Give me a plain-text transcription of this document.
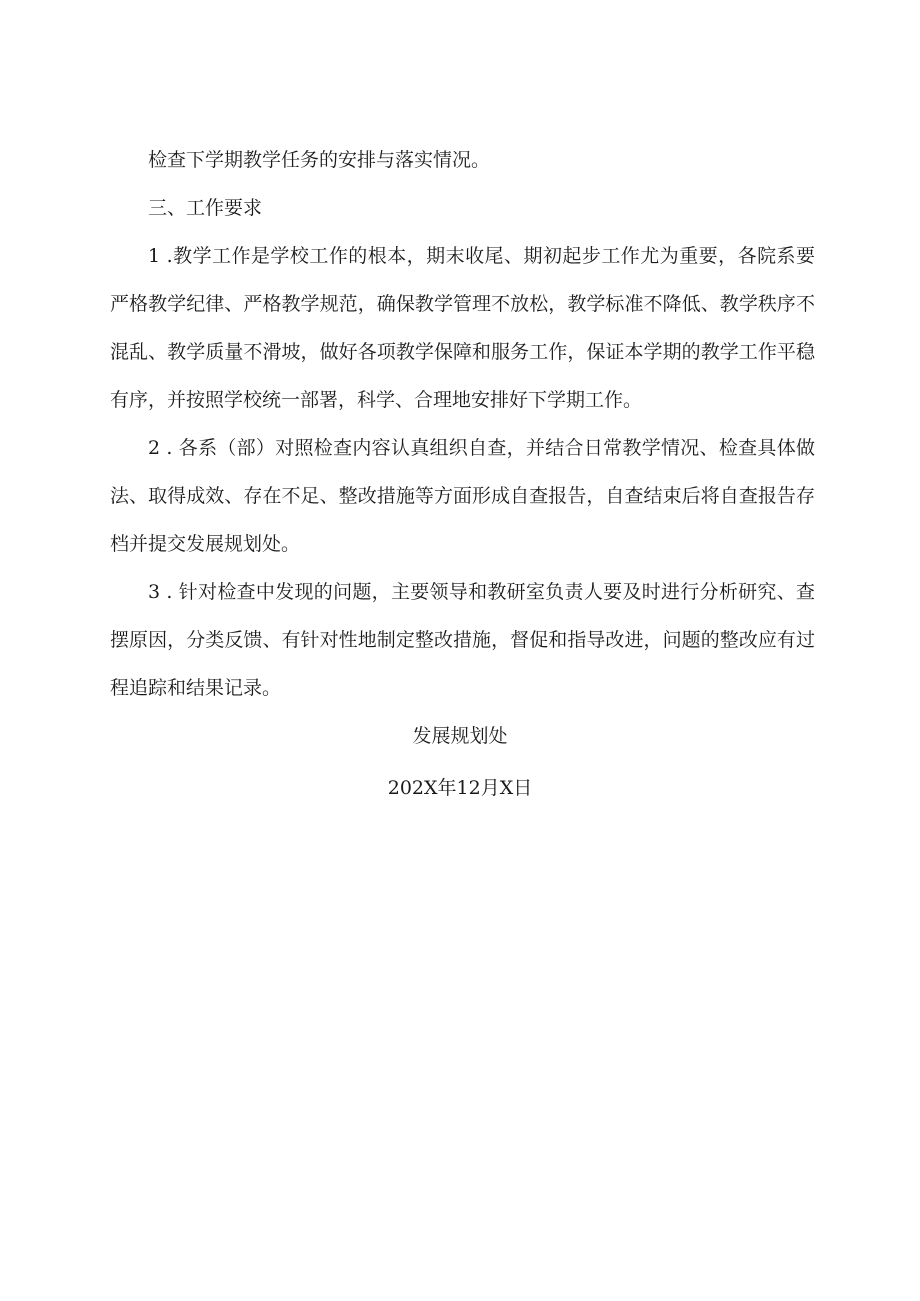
检查下学期教学任务的安排与落实情况。

三、工作要求

1 .教学工作是学校工作的根本，期末收尾、期初起步工作尤为重要，各院系要严格教学纪律、严格教学规范，确保教学管理不放松，教学标准不降低、教学秩序不混乱、教学质量不滑坡，做好各项教学保障和服务工作，保证本学期的教学工作平稳有序，并按照学校统一部署，科学、合理地安排好下学期工作。

2 . 各系（部）对照检查内容认真组织自查，并结合日常教学情况、检查具体做法、取得成效、存在不足、整改措施等方面形成自查报告，自查结束后将自查报告存档并提交发展规划处。

3 . 针对检查中发现的问题，主要领导和教研室负责人要及时进行分析研究、查摆原因，分类反馈、有针对性地制定整改措施，督促和指导改进，问题的整改应有过程追踪和结果记录。

发展规划处
202X年12月X日
